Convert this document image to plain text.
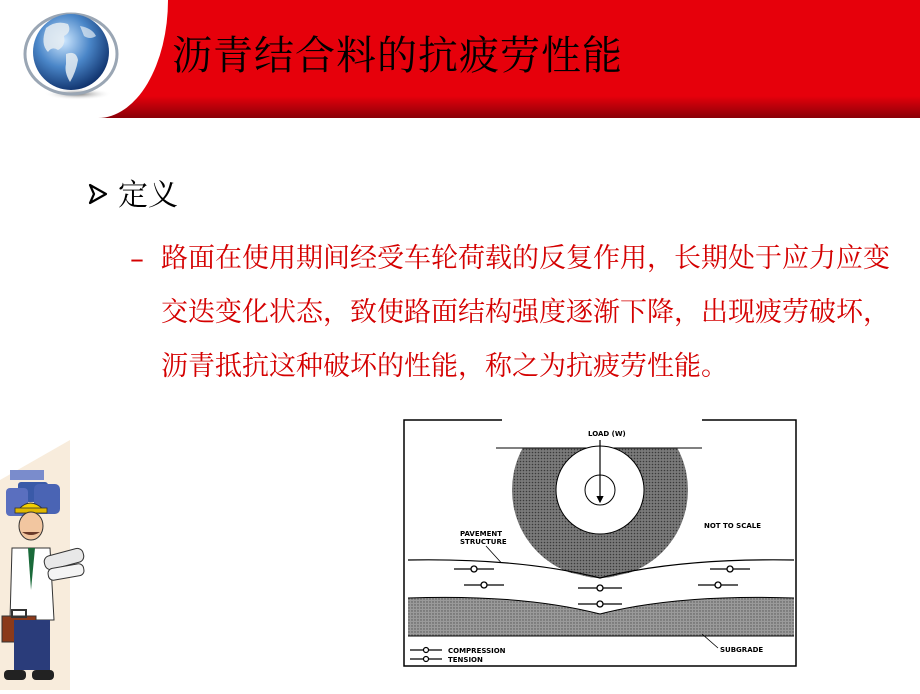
沥青结合料的抗疲劳性能
定义
– 路面在使用期间经受车轮荷载的反复作用，长期处于应力应变交迭变化状态，致使路面结构强度逐渐下降，出现疲劳破坏，沥青抵抗这种破坏的性能，称之为抗疲劳性能。

LOAD (W)
NOT TO SCALE
PAVEMENT
STRUCTURE
SUBGRADE
COMPRESSION
TENSION
